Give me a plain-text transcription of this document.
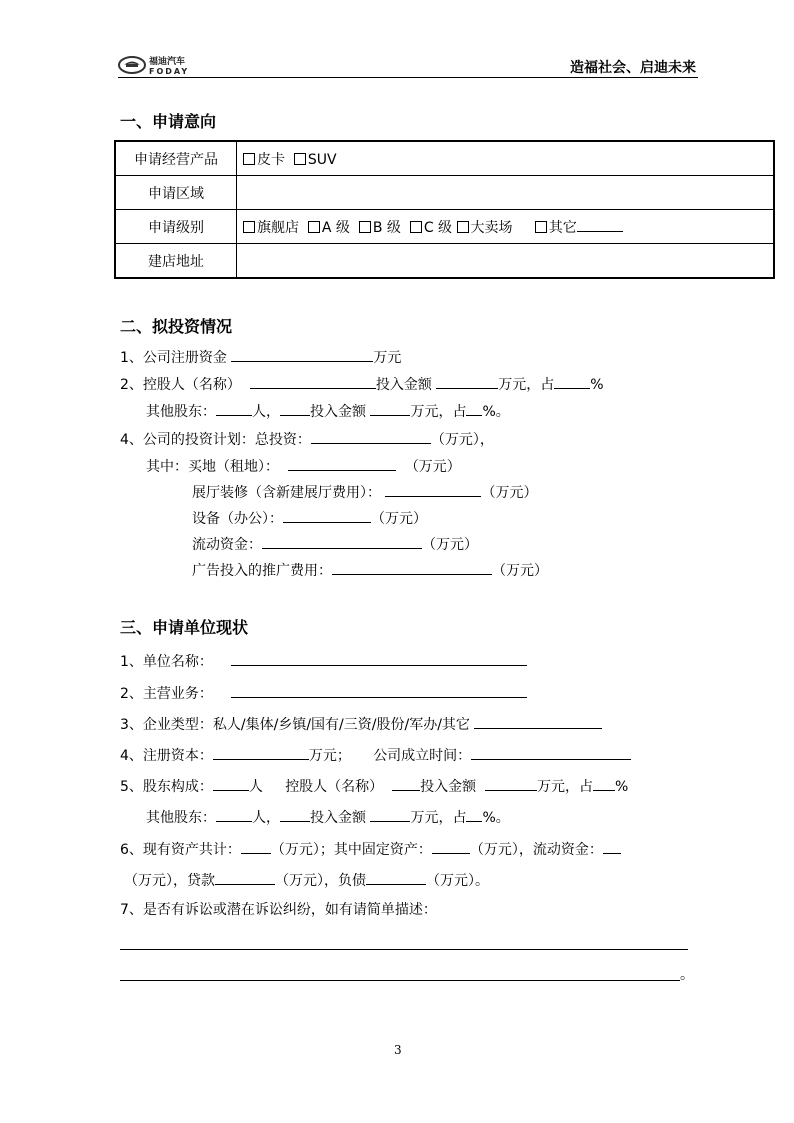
福迪汽车
FODAY	造福社会、启迪未来
一、申请意向
申请经营产品	皮卡 SUV
申请区域	
申请级别	旗舰店 A 级 B 级 C 级 大卖场 其它
建店地址	
二、拟投资情况
1、公司注册资金	万元
2、控股人（名称）	投入金额	万元，占	%
其他股东：	人， 投入金额	万元，占 %。
4、公司的投资计划：总投资：	（万元），
其中：买地（租地）：	（万元）
展厅装修（含新建展厅费用）：	（万元）
设备（办公）：	（万元）
流动资金：	（万元）
广告投入的推广费用：	（万元）
三、申请单位现状
1、单位名称：
2、主营业务：
3、企业类型：私人/集体/乡镇/国有/三资/股份/军办/其它
4、注册资本：	万元； 公司成立时间：
5、股东构成：	人 控股人（名称）	投入金额	万元，占 %
其他股东：	人， 投入金额	万元，占 %。
6、现有资产共计： （万元）；其中固定资产：	（万元），流动资金：
（万元），贷款	（万元），负债	（万元）。
7、是否有诉讼或潜在诉讼纠纷，如有请简单描述：
。
3
